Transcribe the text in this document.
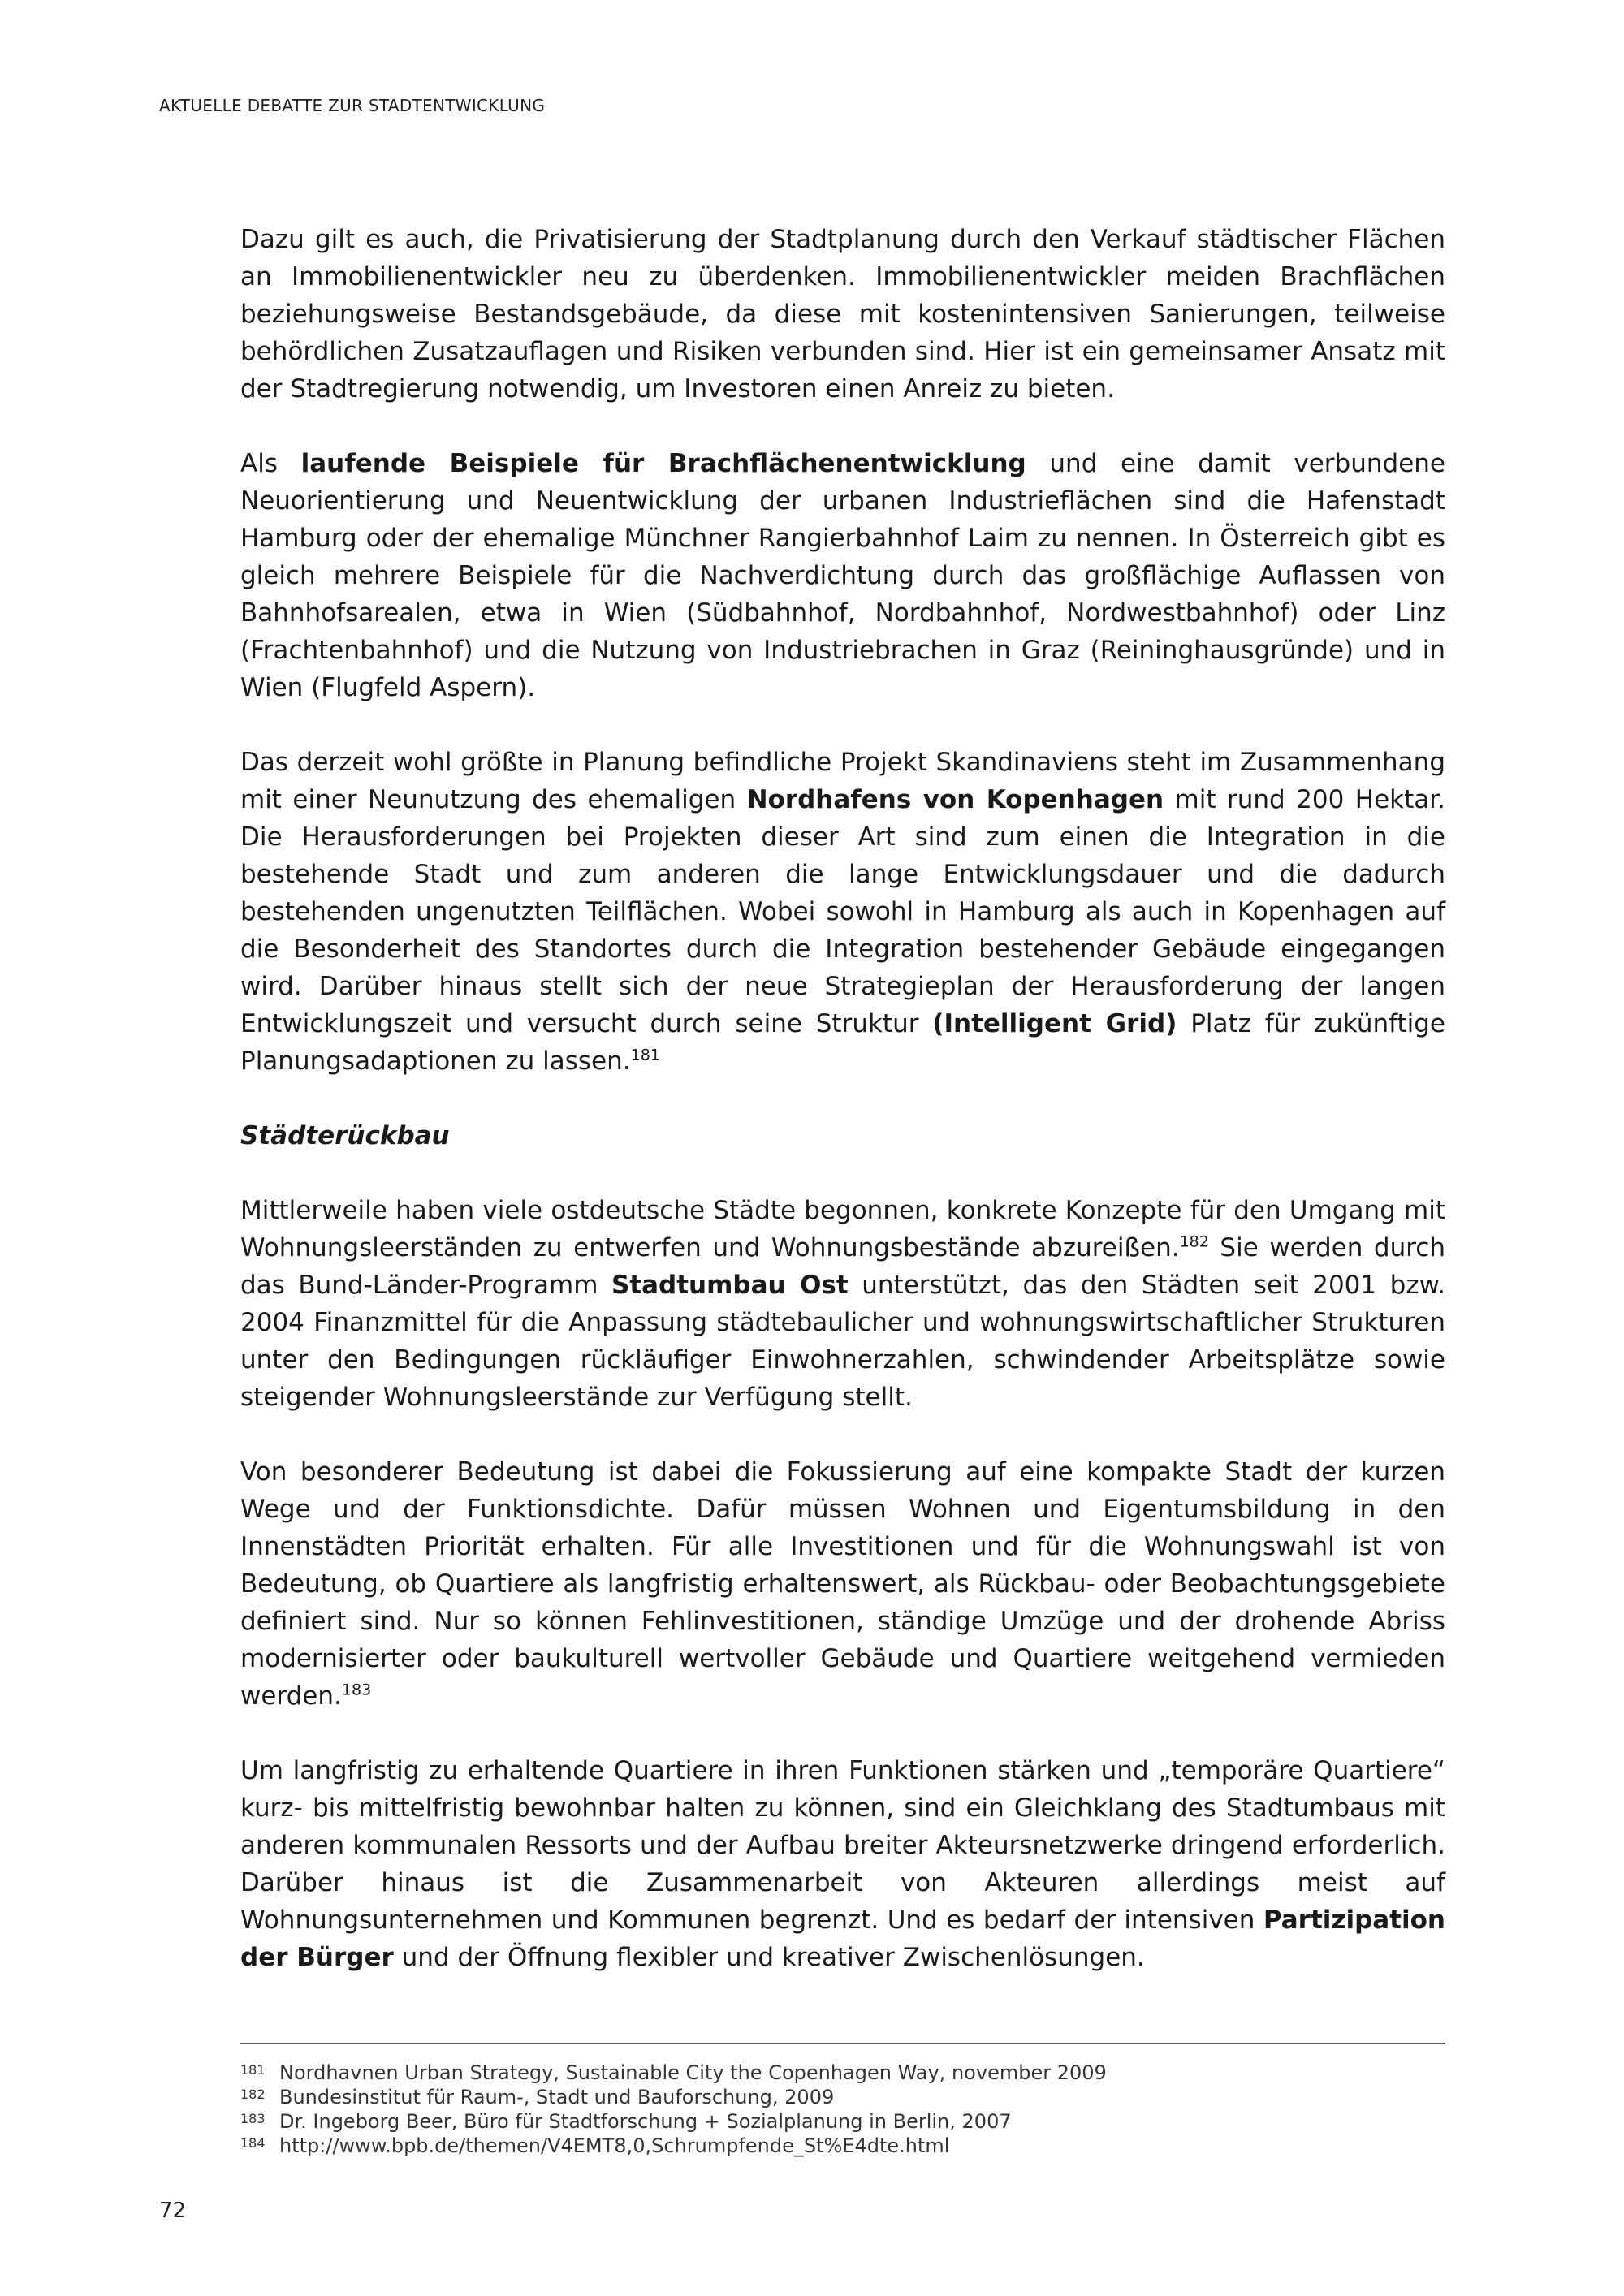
AKTUELLE DEBATTE ZUR STADTENTWICKLUNG

Dazu gilt es auch, die Privatisierung der Stadtplanung durch den Verkauf städtischer Flächen an Immobilienentwickler neu zu überdenken. Immobilienentwickler meiden Brachflächen beziehungsweise Bestandsgebäude, da diese mit kostenintensiven Sanierungen, teilweise behördlichen Zusatzauflagen und Risiken verbunden sind. Hier ist ein gemeinsamer Ansatz mit der Stadtregierung notwendig, um Investoren einen Anreiz zu bieten.

Als laufende Beispiele für Brachflächenentwicklung und eine damit verbundene Neuorientierung und Neuentwicklung der urbanen Industrieflächen sind die Hafenstadt Hamburg oder der ehemalige Münchner Rangierbahnhof Laim zu nennen. In Österreich gibt es gleich mehrere Beispiele für die Nachverdichtung durch das großflächige Auflassen von Bahnhofsarealen, etwa in Wien (Südbahnhof, Nordbahnhof, Nordwestbahnhof) oder Linz (Frachtenbahnhof) und die Nutzung von Industriebrachen in Graz (Reininghausgründe) und in Wien (Flugfeld Aspern).

Das derzeit wohl größte in Planung befindliche Projekt Skandinaviens steht im Zusammenhang mit einer Neunutzung des ehemaligen Nordhafens von Kopenhagen mit rund 200 Hektar. Die Herausforderungen bei Projekten dieser Art sind zum einen die Integration in die bestehende Stadt und zum anderen die lange Entwicklungsdauer und die dadurch bestehenden ungenutzten Teilflächen. Wobei sowohl in Hamburg als auch in Kopenhagen auf die Besonderheit des Standortes durch die Integration bestehender Gebäude eingegangen wird. Darüber hinaus stellt sich der neue Strategieplan der Herausforderung der langen Entwicklungszeit und versucht durch seine Struktur (Intelligent Grid) Platz für zukünftige Planungsadaptionen zu lassen.$^{181}$

Städterückbau

Mittlerweile haben viele ostdeutsche Städte begonnen, konkrete Konzepte für den Umgang mit Wohnungsleerständen zu entwerfen und Wohnungsbestände abzureißen.$^{182}$ Sie werden durch das Bund-Länder-Programm Stadtumbau Ost unterstützt, das den Städten seit 2001 bzw. 2004 Finanzmittel für die Anpassung städtebaulicher und wohnungswirtschaftlicher Strukturen unter den Bedingungen rückläufiger Einwohnerzahlen, schwindender Arbeitsplätze sowie steigender Wohnungsleerstände zur Verfügung stellt.

Von besonderer Bedeutung ist dabei die Fokussierung auf eine kompakte Stadt der kurzen Wege und der Funktionsdichte. Dafür müssen Wohnen und Eigentumsbildung in den Innenstädten Priorität erhalten. Für alle Investitionen und für die Wohnungswahl ist von Bedeutung, ob Quartiere als langfristig erhaltenswert, als Rückbau- oder Beobachtungsgebiete definiert sind. Nur so können Fehlinvestitionen, ständige Umzüge und der drohende Abriss modernisierter oder baukulturell wertvoller Gebäude und Quartiere weitgehend vermieden werden.$^{183}$

Um langfristig zu erhaltende Quartiere in ihren Funktionen stärken und „temporäre Quartiere“ kurz- bis mittelfristig bewohnbar halten zu können, sind ein Gleichklang des Stadtumbaus mit anderen kommunalen Ressorts und der Aufbau breiter Akteursnetzwerke dringend erforderlich. Darüber hinaus ist die Zusammenarbeit von Akteuren allerdings meist auf Wohnungsunternehmen und Kommunen begrenzt. Und es bedarf der intensiven Partizipation der Bürger und der Öffnung flexibler und kreativer Zwischenlösungen.

181 Nordhavnen Urban Strategy, Sustainable City the Copenhagen Way, november 2009
182 Bundesinstitut für Raum-, Stadt und Bauforschung, 2009
183 Dr. Ingeborg Beer, Büro für Stadtforschung + Sozialplanung in Berlin, 2007
184 http://www.bpb.de/themen/V4EMT8,0,Schrumpfende_St%E4dte.html
72
